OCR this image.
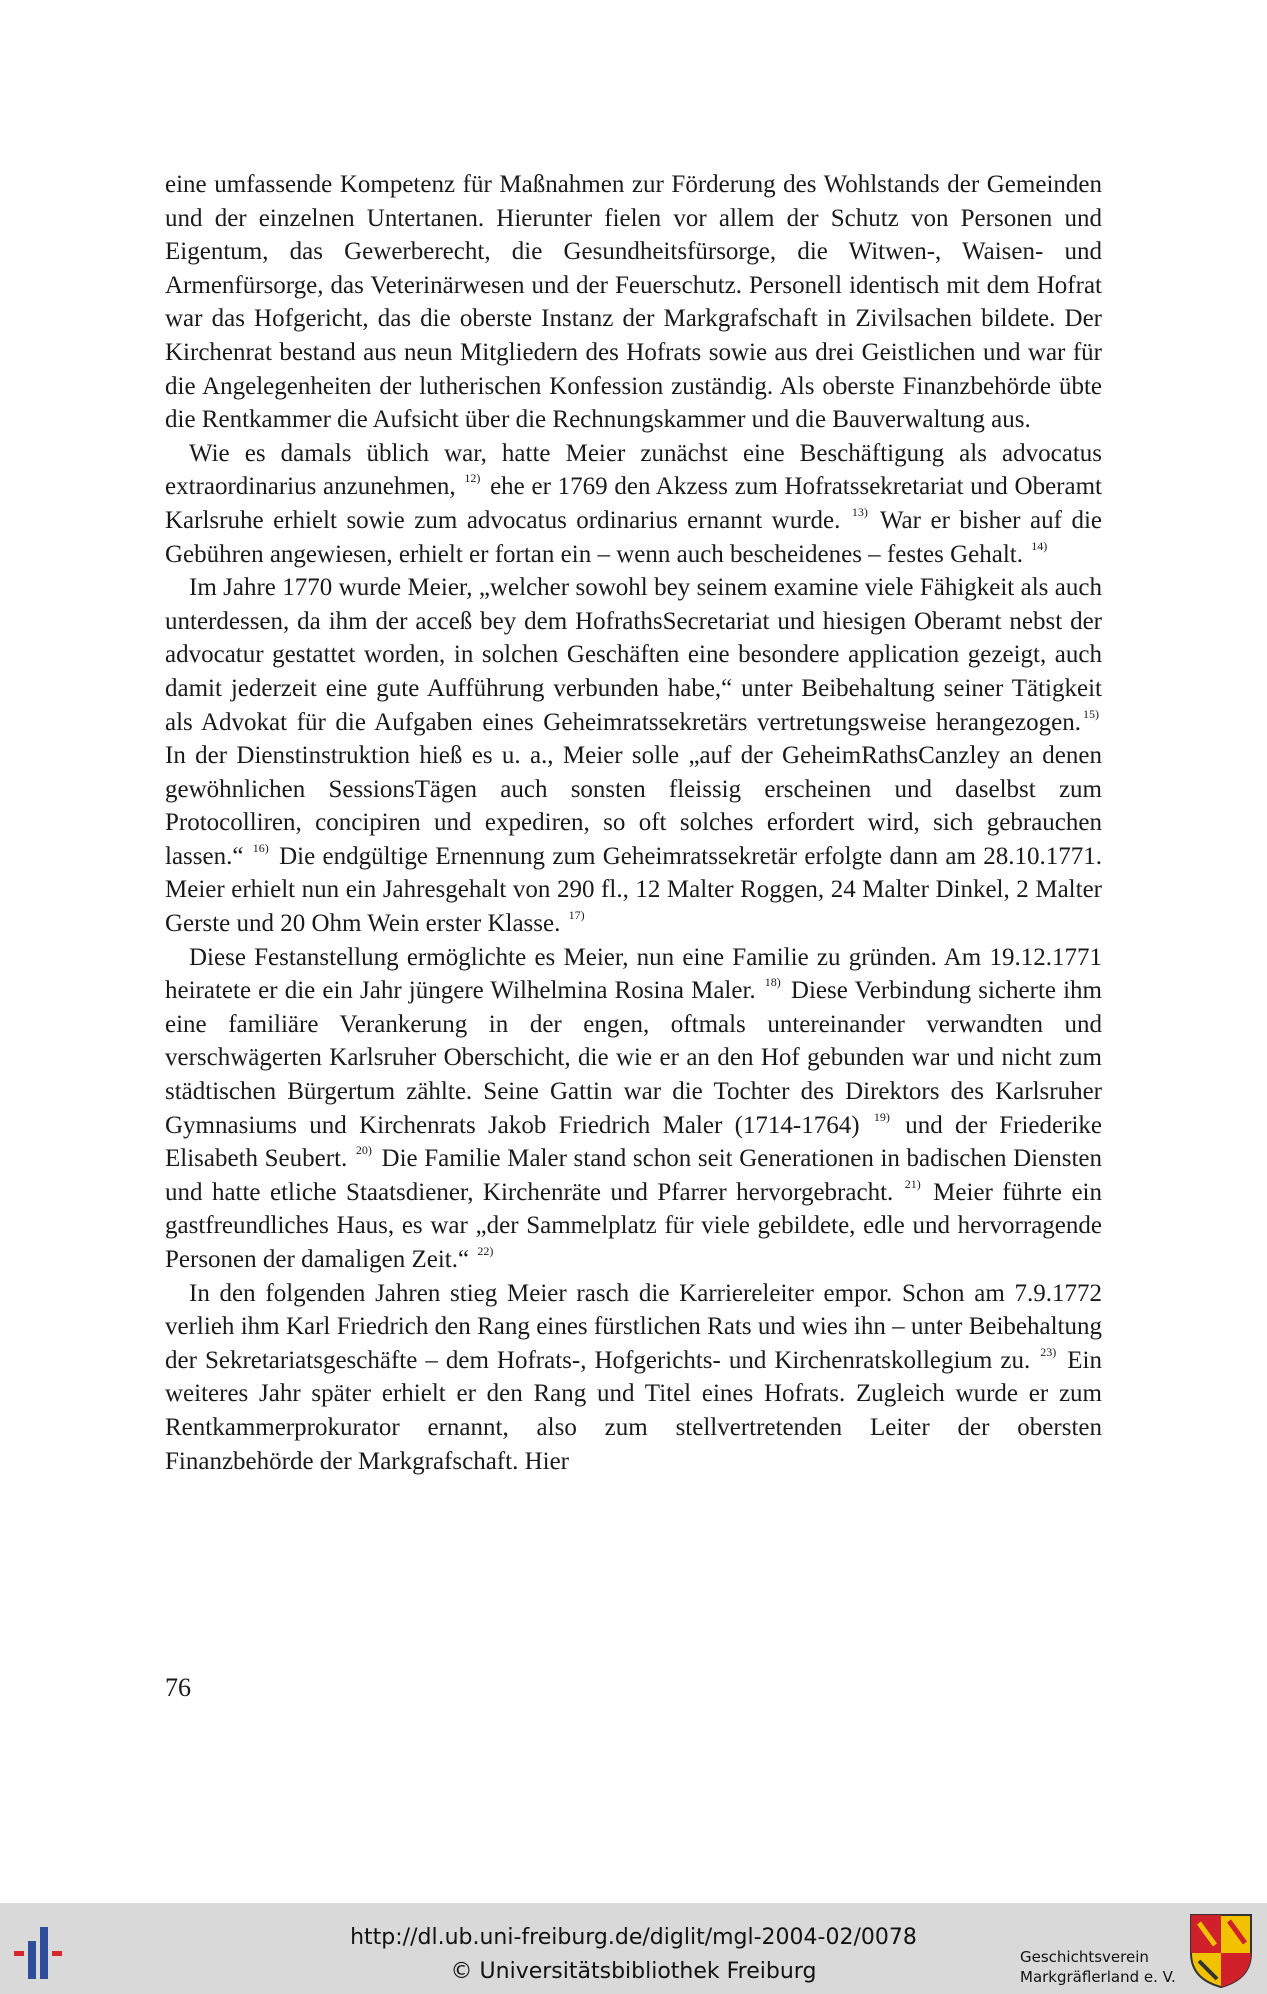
eine umfassende Kompetenz für Maßnahmen zur Förderung des Wohlstands der Gemeinden und der einzelnen Untertanen. Hierunter fielen vor allem der Schutz von Personen und Eigentum, das Gewerberecht, die Gesundheitsfürsorge, die Witwen-, Waisen- und Armenfürsorge, das Veterinärwesen und der Feuerschutz. Personell identisch mit dem Hofrat war das Hofgericht, das die oberste Instanz der Markgrafschaft in Zivilsachen bildete. Der Kirchenrat bestand aus neun Mitgliedern des Hofrats sowie aus drei Geistlichen und war für die Angelegenheiten der lutherischen Konfession zuständig. Als oberste Finanzbehörde übte die Rentkammer die Aufsicht über die Rechnungskammer und die Bauverwaltung aus.

Wie es damals üblich war, hatte Meier zunächst eine Beschäftigung als advocatus extraordinarius anzunehmen, $^{12)}$ ehe er 1769 den Akzess zum Hofratssekretariat und Oberamt Karlsruhe erhielt sowie zum advocatus ordinarius ernannt wurde. $^{13)}$ War er bisher auf die Gebühren angewiesen, erhielt er fortan ein – wenn auch bescheidenes – festes Gehalt. $^{14)}$

Im Jahre 1770 wurde Meier, „welcher sowohl bey seinem examine viele Fähigkeit als auch unterdessen, da ihm der acceß bey dem HofrathsSecretariat und hiesigen Oberamt nebst der advocatur gestattet worden, in solchen Geschäften eine besondere application gezeigt, auch damit jederzeit eine gute Aufführung verbunden habe,“ unter Beibehaltung seiner Tätigkeit als Advokat für die Aufgaben eines Geheimratssekretärs vertretungsweise herangezogen. $^{15)}$ In der Dienstinstruktion hieß es u. a., Meier solle „auf der GeheimRathsCanzley an denen gewöhnlichen SessionsTägen auch sonsten fleissig erscheinen und daselbst zum Protocolliren, concipiren und expediren, so oft solches erfordert wird, sich gebrauchen lassen.“ $^{16)}$ Die endgültige Ernennung zum Geheimratssekretär erfolgte dann am 28.10.1771. Meier erhielt nun ein Jahresgehalt von 290 fl., 12 Malter Roggen, 24 Malter Dinkel, 2 Malter Gerste und 20 Ohm Wein erster Klasse. $^{17)}$

Diese Festanstellung ermöglichte es Meier, nun eine Familie zu gründen. Am 19.12.1771 heiratete er die ein Jahr jüngere Wilhelmina Rosina Maler. $^{18)}$ Diese Verbindung sicherte ihm eine familiäre Verankerung in der engen, oftmals untereinander verwandten und verschwägerten Karlsruher Oberschicht, die wie er an den Hof gebunden war und nicht zum städtischen Bürgertum zählte. Seine Gattin war die Tochter des Direktors des Karlsruher Gymnasiums und Kirchenrats Jakob Friedrich Maler (1714-1764) $^{19)}$ und der Friederike Elisabeth Seubert. $^{20)}$ Die Familie Maler stand schon seit Generationen in badischen Diensten und hatte etliche Staatsdiener, Kirchenräte und Pfarrer hervorgebracht. $^{21)}$ Meier führte ein gastfreundliches Haus, es war „der Sammelplatz für viele gebildete, edle und hervorragende Personen der damaligen Zeit.“ $^{22)}$

In den folgenden Jahren stieg Meier rasch die Karriereleiter empor. Schon am 7.9.1772 verlieh ihm Karl Friedrich den Rang eines fürstlichen Rats und wies ihn – unter Beibehaltung der Sekretariatsgeschäfte – dem Hofrats-, Hofgerichts- und Kirchenratskollegium zu. $^{23)}$ Ein weiteres Jahr später erhielt er den Rang und Titel eines Hofrats. Zugleich wurde er zum Rentkammerprokurator ernannt, also zum stellvertretenden Leiter der obersten Finanzbehörde der Markgrafschaft. Hier

76
http://dl.ub.uni-freiburg.de/diglit/mgl-2004-02/0078
© Universitätsbibliothek Freiburg
Geschichtsverein
Markgräflerland e. V.
